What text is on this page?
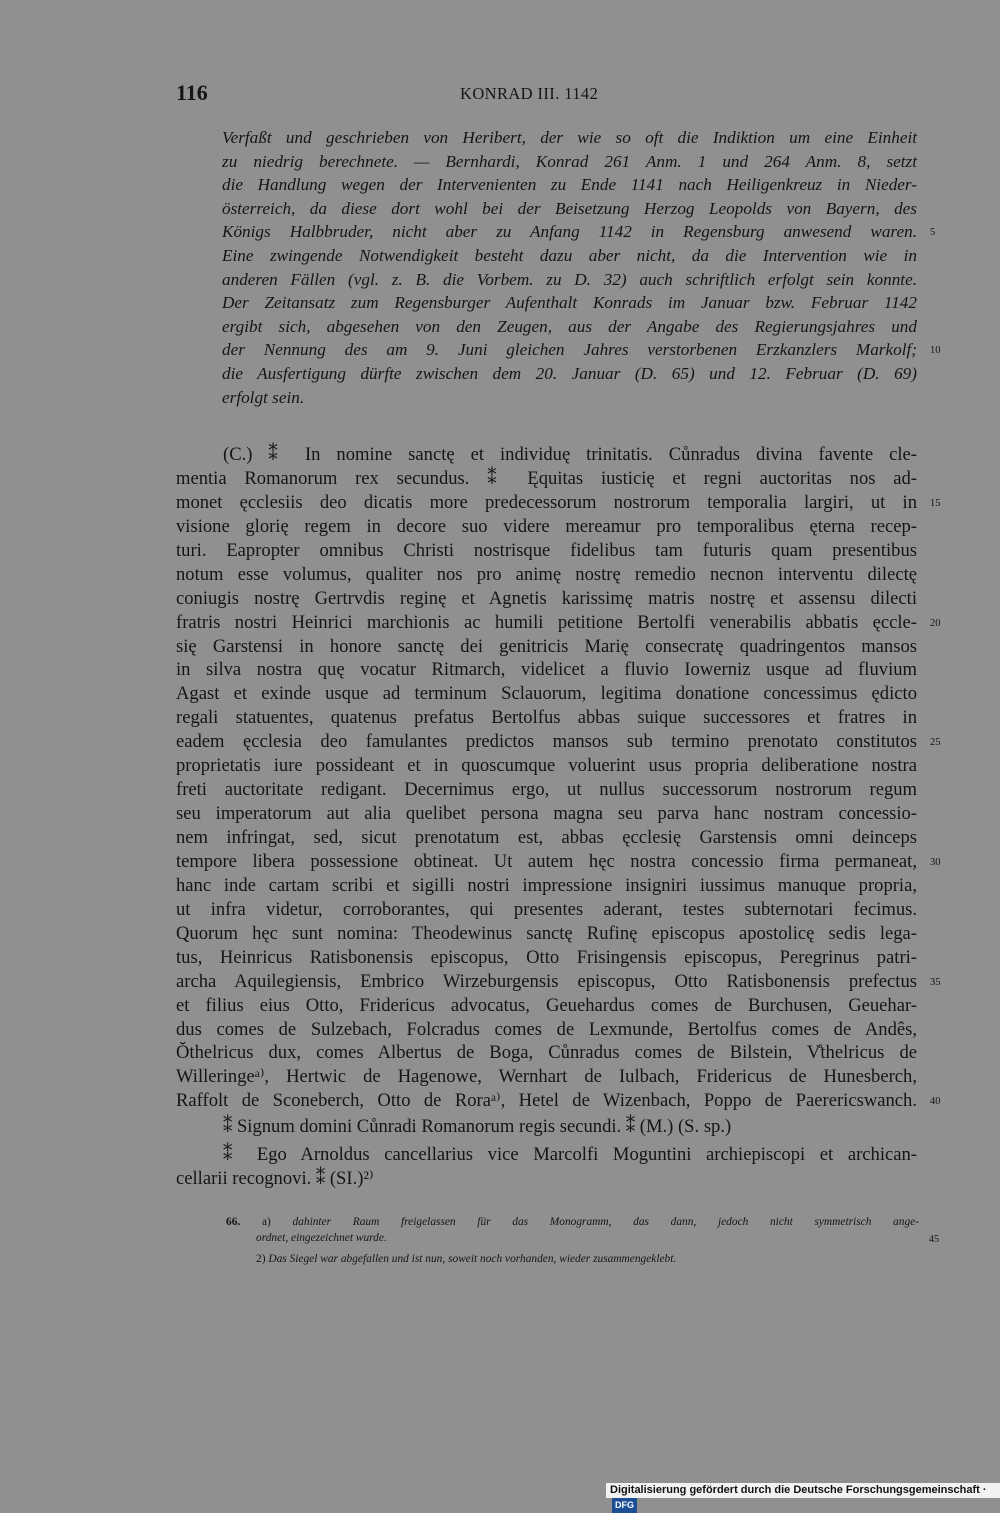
116	KONRAD III. 1142
Verfaßt und geschrieben von Heribert, der wie so oft die Indiktion um eine Einheit
zu niedrig berechnete. — Bernhardi, Konrad 261 Anm. 1 und 264 Anm. 8, setzt
die Handlung wegen der Intervenienten zu Ende 1141 nach Heiligenkreuz in Nieder-
österreich, da diese dort wohl bei der Beisetzung Herzog Leopolds von Bayern, des
Königs Halbbruder, nicht aber zu Anfang 1142 in Regensburg anwesend waren. 5
Eine zwingende Notwendigkeit besteht dazu aber nicht, da die Intervention wie in
anderen Fällen (vgl. z. B. die Vorbem. zu D. 32) auch schriftlich erfolgt sein konnte.
Der Zeitansatz zum Regensburger Aufenthalt Konrads im Januar bzw. Februar 1142
ergibt sich, abgesehen von den Zeugen, aus der Angabe des Regierungsjahres und
der Nennung des am 9. Juni gleichen Jahres verstorbenen Erzkanzlers Markolf; 10
die Ausfertigung dürfte zwischen dem 20. Januar (D. 65) und 12. Februar (D. 69)
erfolgt sein.
(C.) ⁑ In nomine sanctę et individuę trinitatis. Cůnradus divina favente cle-
mentia Romanorum rex secundus. ⁑ Ęquitas iusticię et regni auctoritas nos ad-
monet ęcclesiis deo dicatis more predecessorum nostrorum temporalia largiri, ut in 15
visione glorię regem in decore suo videre mereamur pro temporalibus ęterna recep-
turi. Eapropter omnibus Christi nostrisque fidelibus tam futuris quam presentibus
notum esse volumus, qualiter nos pro animę nostrę remedio necnon interventu dilectę
coniugis nostrę Gertrvdis reginę et Agnetis karissimę matris nostrę et assensu dilecti
fratris nostri Heinrici marchionis ac humili petitione Bertolfi venerabilis abbatis ęccle- 20
się Garstensi in honore sanctę dei genitricis Marię consecratę quadringentos mansos
in silva nostra quę vocatur Ritmarch, videlicet a fluvio Iowerniz usque ad fluvium
Agast et exinde usque ad terminum Sclauorum, legitima donatione concessimus ędicto
regali statuentes, quatenus prefatus Bertolfus abbas suique successores et fratres in
eadem ęcclesia deo famulantes predictos mansos sub termino prenotato constitutos 25
proprietatis iure possideant et in quoscumque voluerint usus propria deliberatione nostra
freti auctoritate redigant. Decernimus ergo, ut nullus successorum nostrorum regum
seu imperatorum aut alia quelibet persona magna seu parva hanc nostram concessio-
nem infringat, sed, sicut prenotatum est, abbas ęcclesię Garstensis omni deinceps
tempore libera possessione obtineat. Ut autem hęc nostra concessio firma permaneat, 30
hanc inde cartam scribi et sigilli nostri impressione insigniri iussimus manuque propria,
ut infra videtur, corroborantes, qui presentes aderant, testes subternotari fecimus.
Quorum hęc sunt nomina: Theodewinus sanctę Rufinę episcopus apostolicę sedis lega-
tus, Heinricus Ratisbonensis episcopus, Otto Frisingensis episcopus, Peregrinus patri-
archa Aquilegiensis, Embrico Wirzeburgensis episcopus, Otto Ratisbonensis prefectus 35
et filius eius Otto, Fridericus advocatus, Geuehardus comes de Burchusen, Geuehar-
dus comes de Sulzebach, Folcradus comes de Lexmunde, Bertolfus comes de Andês,
Ŏthelricus dux, comes Albertus de Boga, Cůnradus comes de Bilstein, V̊thelricus de
Willeringeᵃ⁾, Hertwic de Hagenowe, Wernhart de Iulbach, Fridericus de Hunesberch,
Raffolt de Sconeberch, Otto de Roraᵃ⁾, Hetel de Wizenbach, Poppo de Paerericswanch. 40
⁑ Signum domini Cůnradi Romanorum regis secundi. ⁑ (M.) (S. sp.)
⁑ Ego Arnoldus cancellarius vice Marcolfi Moguntini archiepiscopi et archican-
cellarii recognovi. ⁑ (SI.)²⁾
66. a) dahinter Raum freigelassen für das Monogramm, das dann, jedoch nicht symmetrisch ange-
ordnet, eingezeichnet wurde.	45
2) Das Siegel war abgefallen und ist nun, soweit noch vorhanden, wieder zusammengeklebt.
Digitalisierung gefördert durch die Deutsche Forschungsgemeinschaft ·DFG
